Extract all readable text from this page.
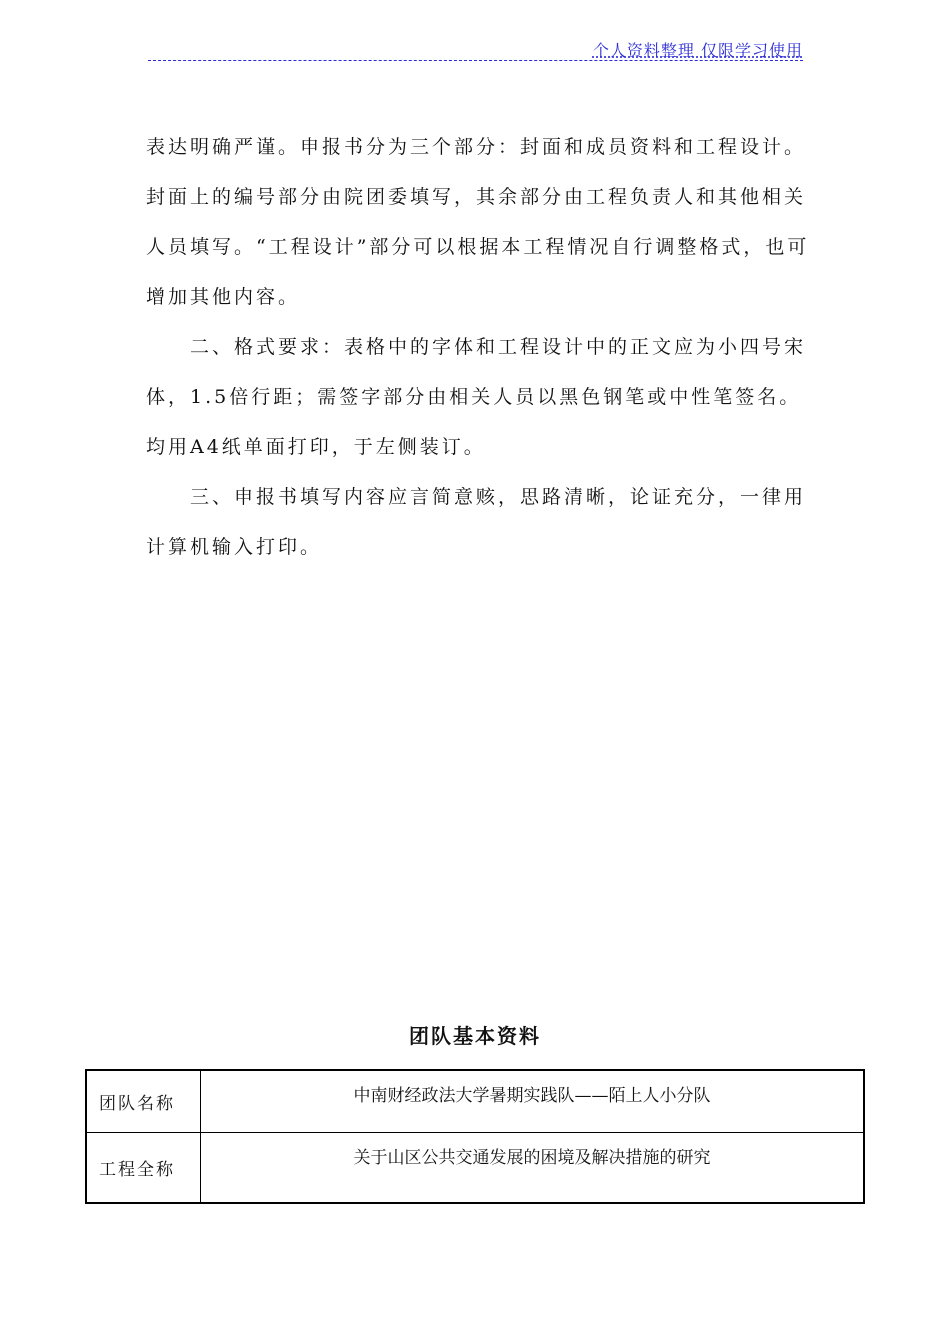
个人资料整理 仅限学习使用

表达明确严谨。申报书分为三个部分：封面和成员资料和工程设计。封面上的编号部分由院团委填写，其余部分由工程负责人和其他相关人员填写。“工程设计”部分可以根据本工程情况自行调整格式，也可增加其他内容。

二、格式要求：表格中的字体和工程设计中的正文应为小四号宋体，1.5倍行距；需签字部分由相关人员以黑色钢笔或中性笔签名。均用A4纸单面打印，于左侧装订。

三、申报书填写内容应言简意赅，思路清晰，论证充分，一律用计算机输入打印。

团队基本资料
团队名称	中南财经政法大学暑期实践队——陌上人小分队
工程全称	关于山区公共交通发展的困境及解决措施的研究
